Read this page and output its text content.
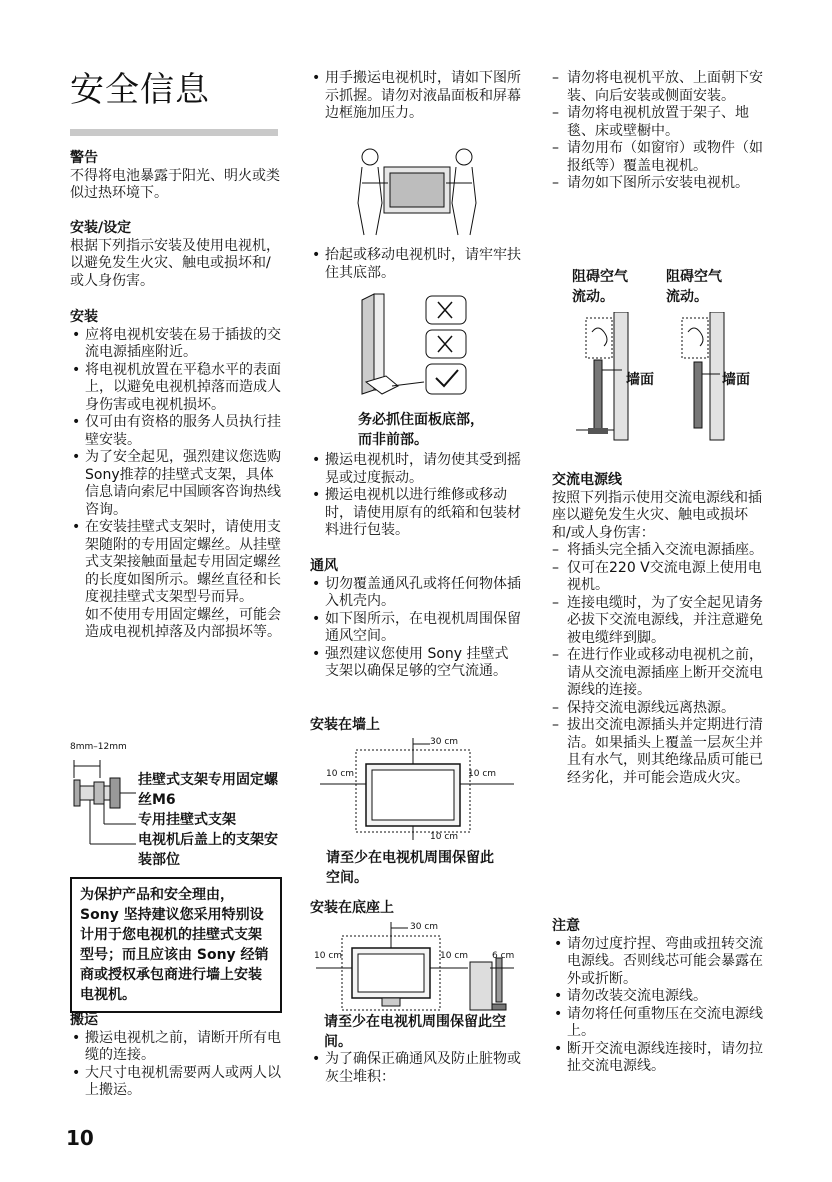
安全信息

警告

不得将电池暴露于阳光、明火或类似过热环境下。

安装/设定

根据下列指示安装及使用电视机，以避免发生火灾、触电或损坏和/或人身伤害。

安装

• 应将电视机安装在易于插拔的交流电源插座附近。
• 将电视机放置在平稳水平的表面上，以避免电视机掉落而造成人身伤害或电视机损坏。
• 仅可由有资格的服务人员执行挂壁安装。
• 为了安全起见，强烈建议您选购Sony推荐的挂壁式支架，具体信息请向索尼中国顾客咨询热线咨询。
• 在安装挂壁式支架时，请使用支架随附的专用固定螺丝。从挂壁式支架接触面量起专用固定螺丝的长度如图所示。螺丝直径和长度视挂壁式支架型号而异。

如不使用专用固定螺丝，可能会造成电视机掉落及内部损坏等。

8mm–12mm
挂壁式支架专用固定螺丝M6
专用挂壁式支架
电视机后盖上的支架安装部位
为保护产品和安全理由，Sony 坚持建议您采用特别设计用于您电视机的挂壁式支架型号；而且应该由 Sony 经销商或授权承包商进行墙上安装电视机。

搬运

• 搬运电视机之前，请断开所有电缆的连接。
• 大尺寸电视机需要两人或两人以上搬运。
• 用手搬运电视机时，请如下图所示抓握。请勿对液晶面板和屏幕边框施加压力。
• 抬起或移动电视机时，请牢牢扶住其底部。
务必抓住面板底部，而非前部。
• 搬运电视机时，请勿使其受到摇晃或过度振动。
• 搬运电视机以进行维修或移动时，请使用原有的纸箱和包装材料进行包装。

通风

• 切勿覆盖通风孔或将任何物体插入机壳内。
• 如下图所示，在电视机周围保留通风空间。
• 强烈建议您使用 Sony 挂壁式支架以确保足够的空气流通。
安装在墙上
30 cm
10 cm	10 cm
10 cm
请至少在电视机周围保留此空间。
安装在底座上
30 cm
10 cm	10 cm	6 cm
请至少在电视机周围保留此空间。
• 为了确保正确通风及防止脏物或灰尘堆积：
– 请勿将电视机平放、上面朝下安装、向后安装或侧面安装。
– 请勿将电视机放置于架子、地毯、床或壁橱中。
– 请勿用布（如窗帘）或物件（如报纸等）覆盖电视机。
– 请勿如下图所示安装电视机。
阻碍空气流动。
阻碍空气流动。
墙面	墙面

交流电源线

按照下列指示使用交流电源线和插座以避免发生火灾、触电或损坏和/或人身伤害：

– 将插头完全插入交流电源插座。
– 仅可在220 V交流电源上使用电视机。
– 连接电缆时，为了安全起见请务必拔下交流电源线，并注意避免被电缆绊到脚。
– 在进行作业或移动电视机之前，请从交流电源插座上断开交流电源线的连接。
– 保持交流电源线远离热源。
– 拔出交流电源插头并定期进行清洁。如果插头上覆盖一层灰尘并且有水气，则其绝缘品质可能已经劣化，并可能会造成火灾。

注意

• 请勿过度拧捏、弯曲或扭转交流电源线。否则线芯可能会暴露在外或折断。
• 请勿改装交流电源线。
• 请勿将任何重物压在交流电源线上。
• 断开交流电源线连接时，请勿拉扯交流电源线。
10
